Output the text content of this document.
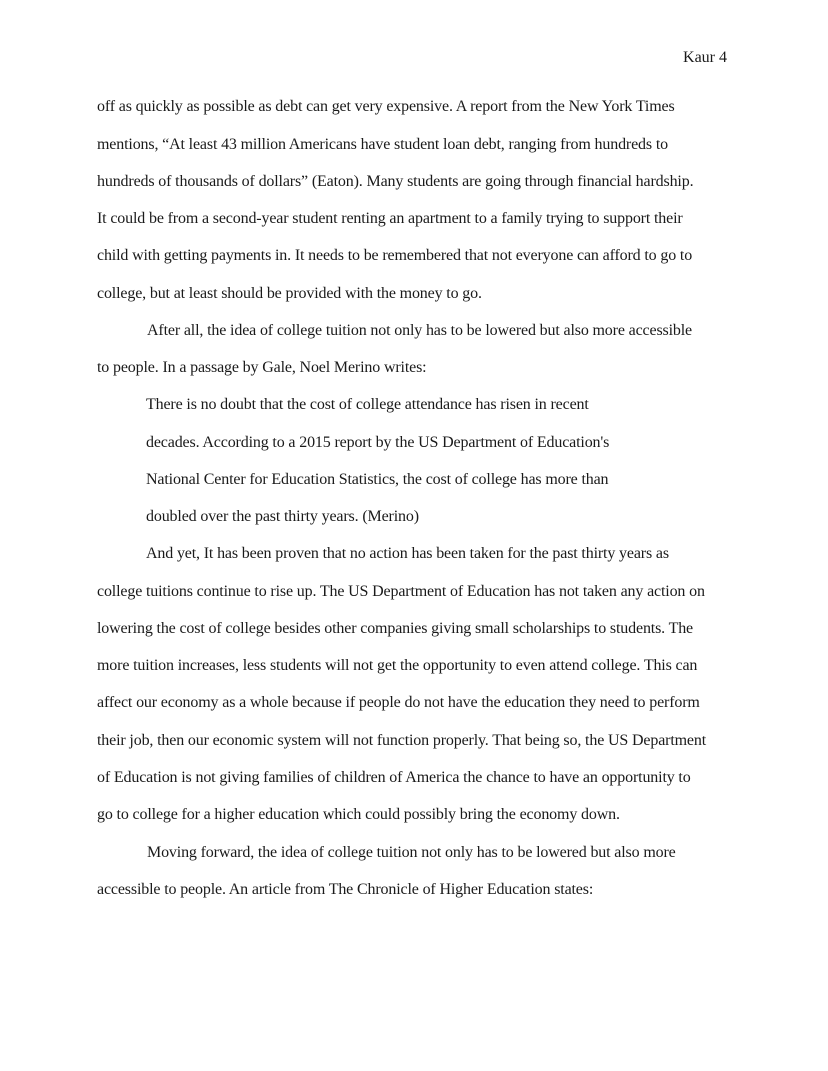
Kaur 4
off as quickly as possible as debt can get very expensive. A report from the New York Times
mentions, “At least 43 million Americans have student loan debt, ranging from hundreds to
hundreds of thousands of dollars” (Eaton). Many students are going through financial hardship.
It could be from a second-year student renting an apartment to a family trying to support their
child with getting payments in. It needs to be remembered that not everyone can afford to go to
college, but at least should be provided with the money to go.
After all, the idea of college tuition not only has to be lowered but also more accessible
to people. In a passage by Gale, Noel Merino writes:
There is no doubt that the cost of college attendance has risen in recent
decades. According to a 2015 report by the US Department of Education's
National Center for Education Statistics, the cost of college has more than
doubled over the past thirty years. (Merino)
And yet, It has been proven that no action has been taken for the past thirty years as
college tuitions continue to rise up. The US Department of Education has not taken any action on
lowering the cost of college besides other companies giving small scholarships to students. The
more tuition increases, less students will not get the opportunity to even attend college. This can
affect our economy as a whole because if people do not have the education they need to perform
their job, then our economic system will not function properly. That being so, the US Department
of Education is not giving families of children of America the chance to have an opportunity to
go to college for a higher education which could possibly bring the economy down.
Moving forward, the idea of college tuition not only has to be lowered but also more
accessible to people. An article from The Chronicle of Higher Education states:
